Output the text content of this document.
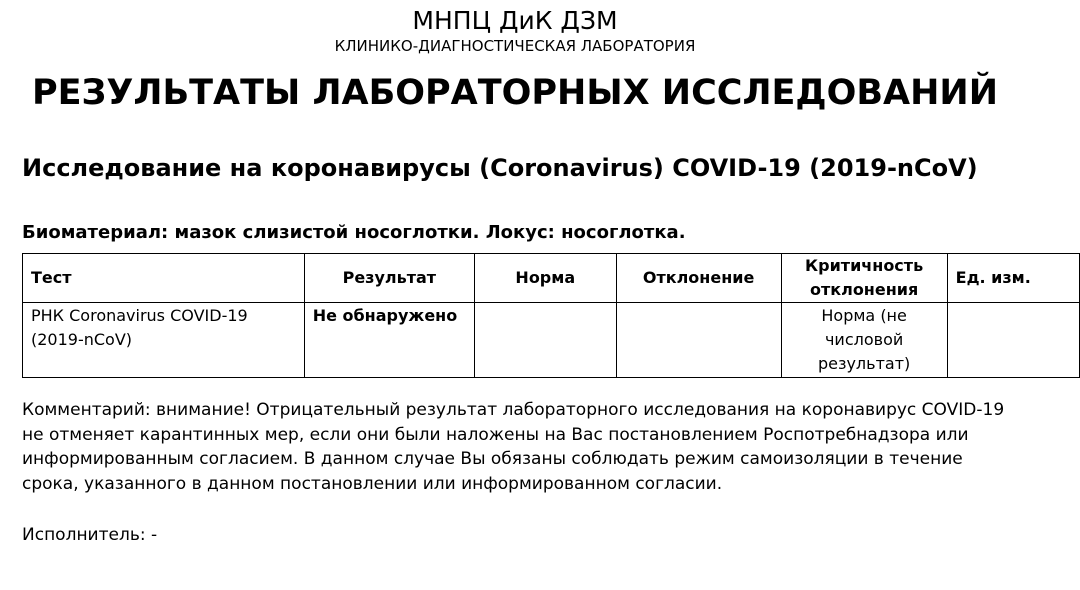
МНПЦ ДиК ДЗМ
КЛИНИКО-ДИАГНОСТИЧЕСКАЯ ЛАБОРАТОРИЯ
РЕЗУЛЬТАТЫ ЛАБОРАТОРНЫХ ИССЛЕДОВАНИЙ
Исследование на коронавирусы (Coronavirus) COVID-19 (2019-nCoV)
Биоматериал: мазок слизистой носоглотки. Локус: носоглотка.
Тест	Результат	Норма	Отклонение	Критичность отклонения	Ед. изм.
РНК Coronavirus COVID-19 (2019-nCoV)	Не обнаружено			Норма (не числовой результат)	
Комментарий: внимание! Отрицательный результат лабораторного исследования на коронавирус COVID-19 не отменяет карантинных мер, если они были наложены на Вас постановлением Роспотребнадзора или информированным согласием. В данном случае Вы обязаны соблюдать режим самоизоляции в течение срока, указанного в данном постановлении или информированном согласии.
Исполнитель: -
